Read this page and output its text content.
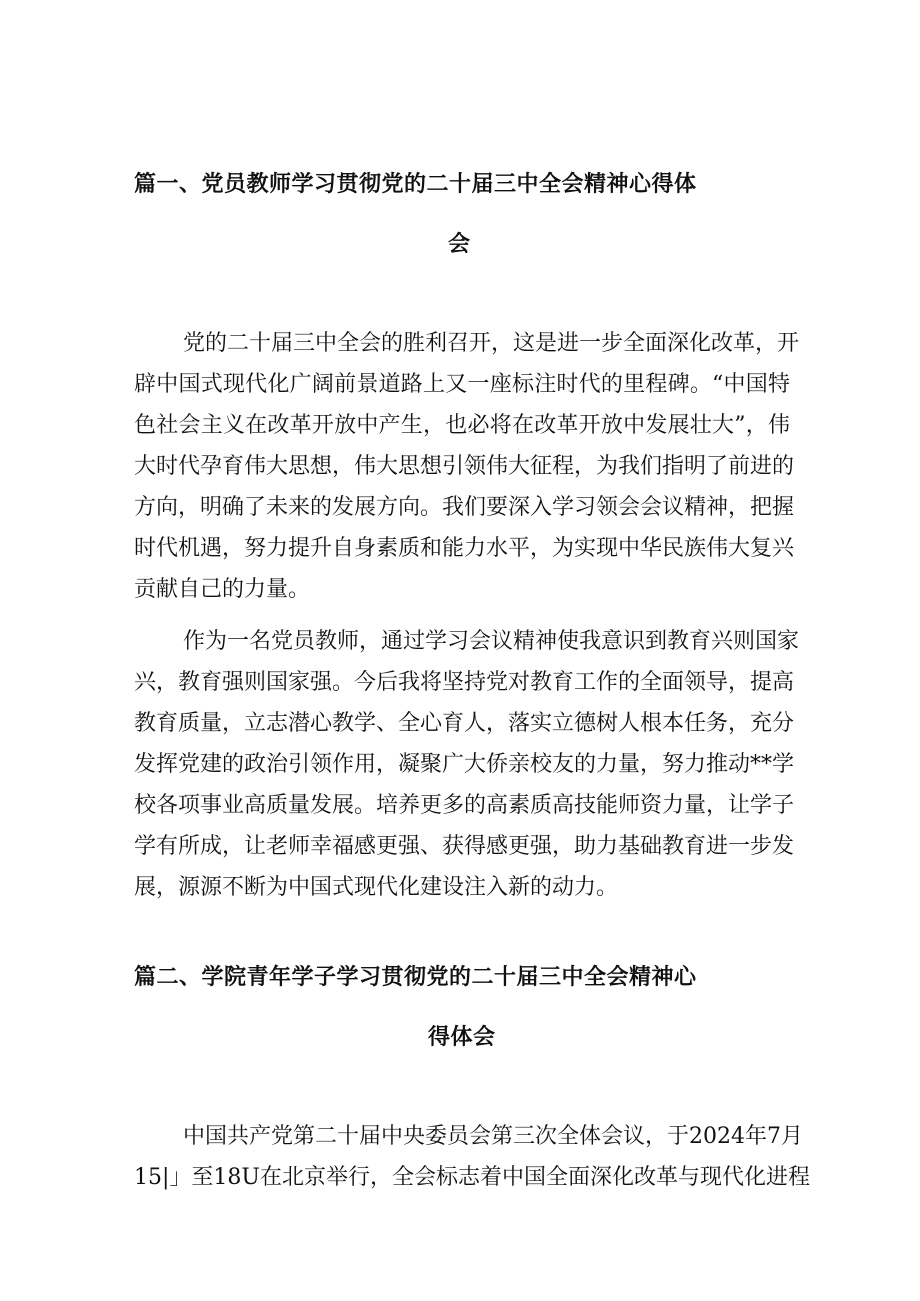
篇一、党员教师学习贯彻党的二十届三中全会精神心得体
会
党的二十届三中全会的胜利召开，这是进一步全面深化改革，开
辟中国式现代化广阔前景道路上又一座标注时代的里程碑。“中国特
色社会主义在改革开放中产生，也必将在改革开放中发展壮大”，伟
大时代孕育伟大思想，伟大思想引领伟大征程，为我们指明了前进的
方向，明确了未来的发展方向。我们要深入学习领会会议精神，把握
时代机遇，努力提升自身素质和能力水平，为实现中华民族伟大复兴
贡献自己的力量。
作为一名党员教师，通过学习会议精神使我意识到教育兴则国家
兴，教育强则国家强。今后我将坚持党对教育工作的全面领导，提高
教育质量，立志潜心教学、全心育人，落实立德树人根本任务，充分
发挥党建的政治引领作用，凝聚广大侨亲校友的力量，努力推动**学
校各项事业高质量发展。培养更多的高素质高技能师资力量，让学子
学有所成，让老师幸福感更强、获得感更强，助力基础教育进一步发
展，源源不断为中国式现代化建设注入新的动力。
篇二、学院青年学子学习贯彻党的二十届三中全会精神心
得体会
中国共产党第二十届中央委员会第三次全体会议，于2024年7月
15|」至18U在北京举行，全会标志着中国全面深化改革与现代化进程
